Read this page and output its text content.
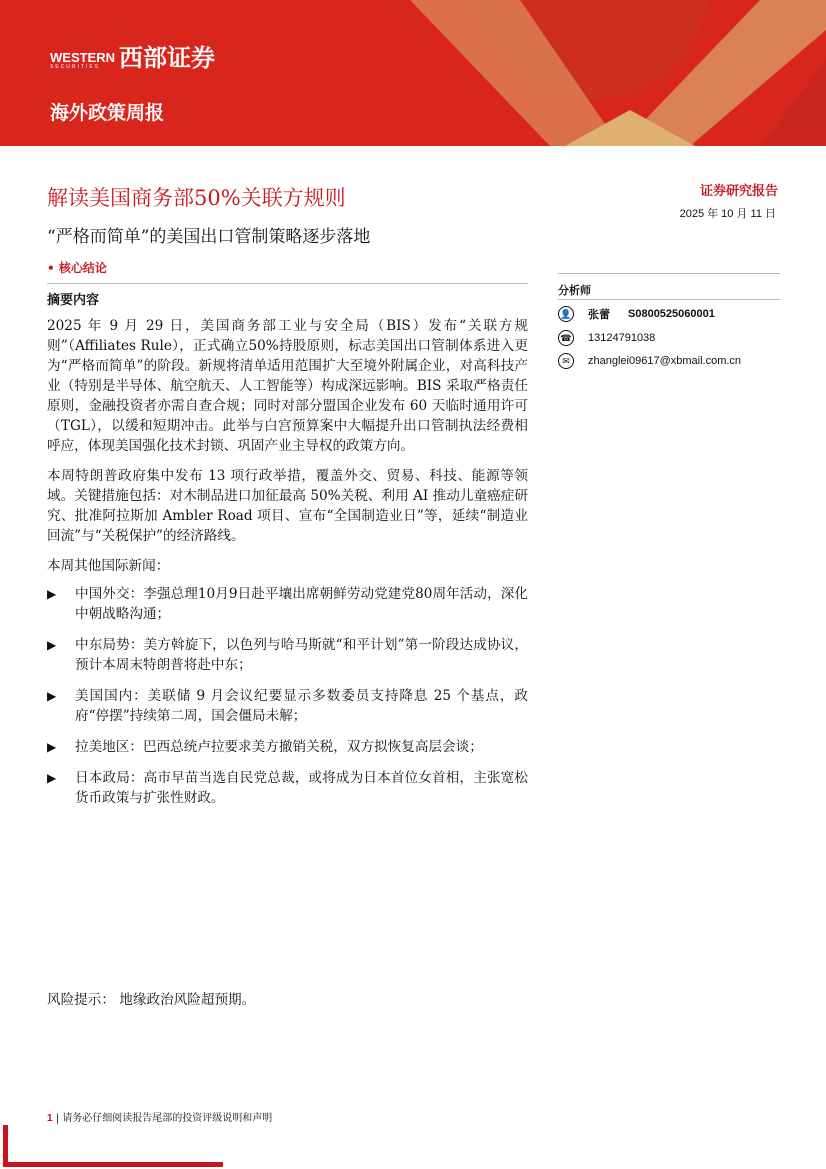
WESTERN
SECURITIES 西部证券
海外政策周报
解读美国商务部50%关联方规则
“严格而简单”的美国出口管制策略逐步落地
证券研究报告
2025 年 10 月 11 日
• 核心结论
摘要内容

2025 年 9 月 29 日，美国商务部工业与安全局（BIS）发布“关联方规则”（Affiliates Rule），正式确立50%持股原则，标志美国出口管制体系进入更为“严格而简单”的阶段。新规将清单适用范围扩大至境外附属企业，对高科技产业（特别是半导体、航空航天、人工智能等）构成深远影响。BIS 采取严格责任原则，金融投资者亦需自查合规；同时对部分盟国企业发布 60 天临时通用许可（TGL），以缓和短期冲击。此举与白宫预算案中大幅提升出口管制执法经费相呼应，体现美国强化技术封锁、巩固产业主导权的政策方向。

本周特朗普政府集中发布 13 项行政举措，覆盖外交、贸易、科技、能源等领域。关键措施包括：对木制品进口加征最高 50%关税、利用 AI 推动儿童癌症研究、批准阿拉斯加 Ambler Road 项目、宣布“全国制造业日”等，延续“制造业回流”与“关税保护”的经济路线。

本周其他国际新闻：

▶	中国外交：李强总理10月9日赴平壤出席朝鲜劳动党建党80周年活动，深化中朝战略沟通；
▶	中东局势：美方斡旋下，以色列与哈马斯就“和平计划”第一阶段达成协议，预计本周末特朗普将赴中东；
▶	美国国内：美联储 9 月会议纪要显示多数委员支持降息 25 个基点，政府“停摆”持续第二周，国会僵局未解；
▶	拉美地区：巴西总统卢拉要求美方撤销关税，双方拟恢复高层会谈；
▶	日本政局：高市早苗当选自民党总裁，或将成为日本首位女首相，主张宽松货币政策与扩张性财政。
风险提示： 地缘政治风险超预期。
分析师
👤 张蕾 S0800525060001
☎ 13124791038
✉	zhanglei09617@xbmail.com.cn
1 | 请务必仔细阅读报告尾部的投资评级说明和声明
